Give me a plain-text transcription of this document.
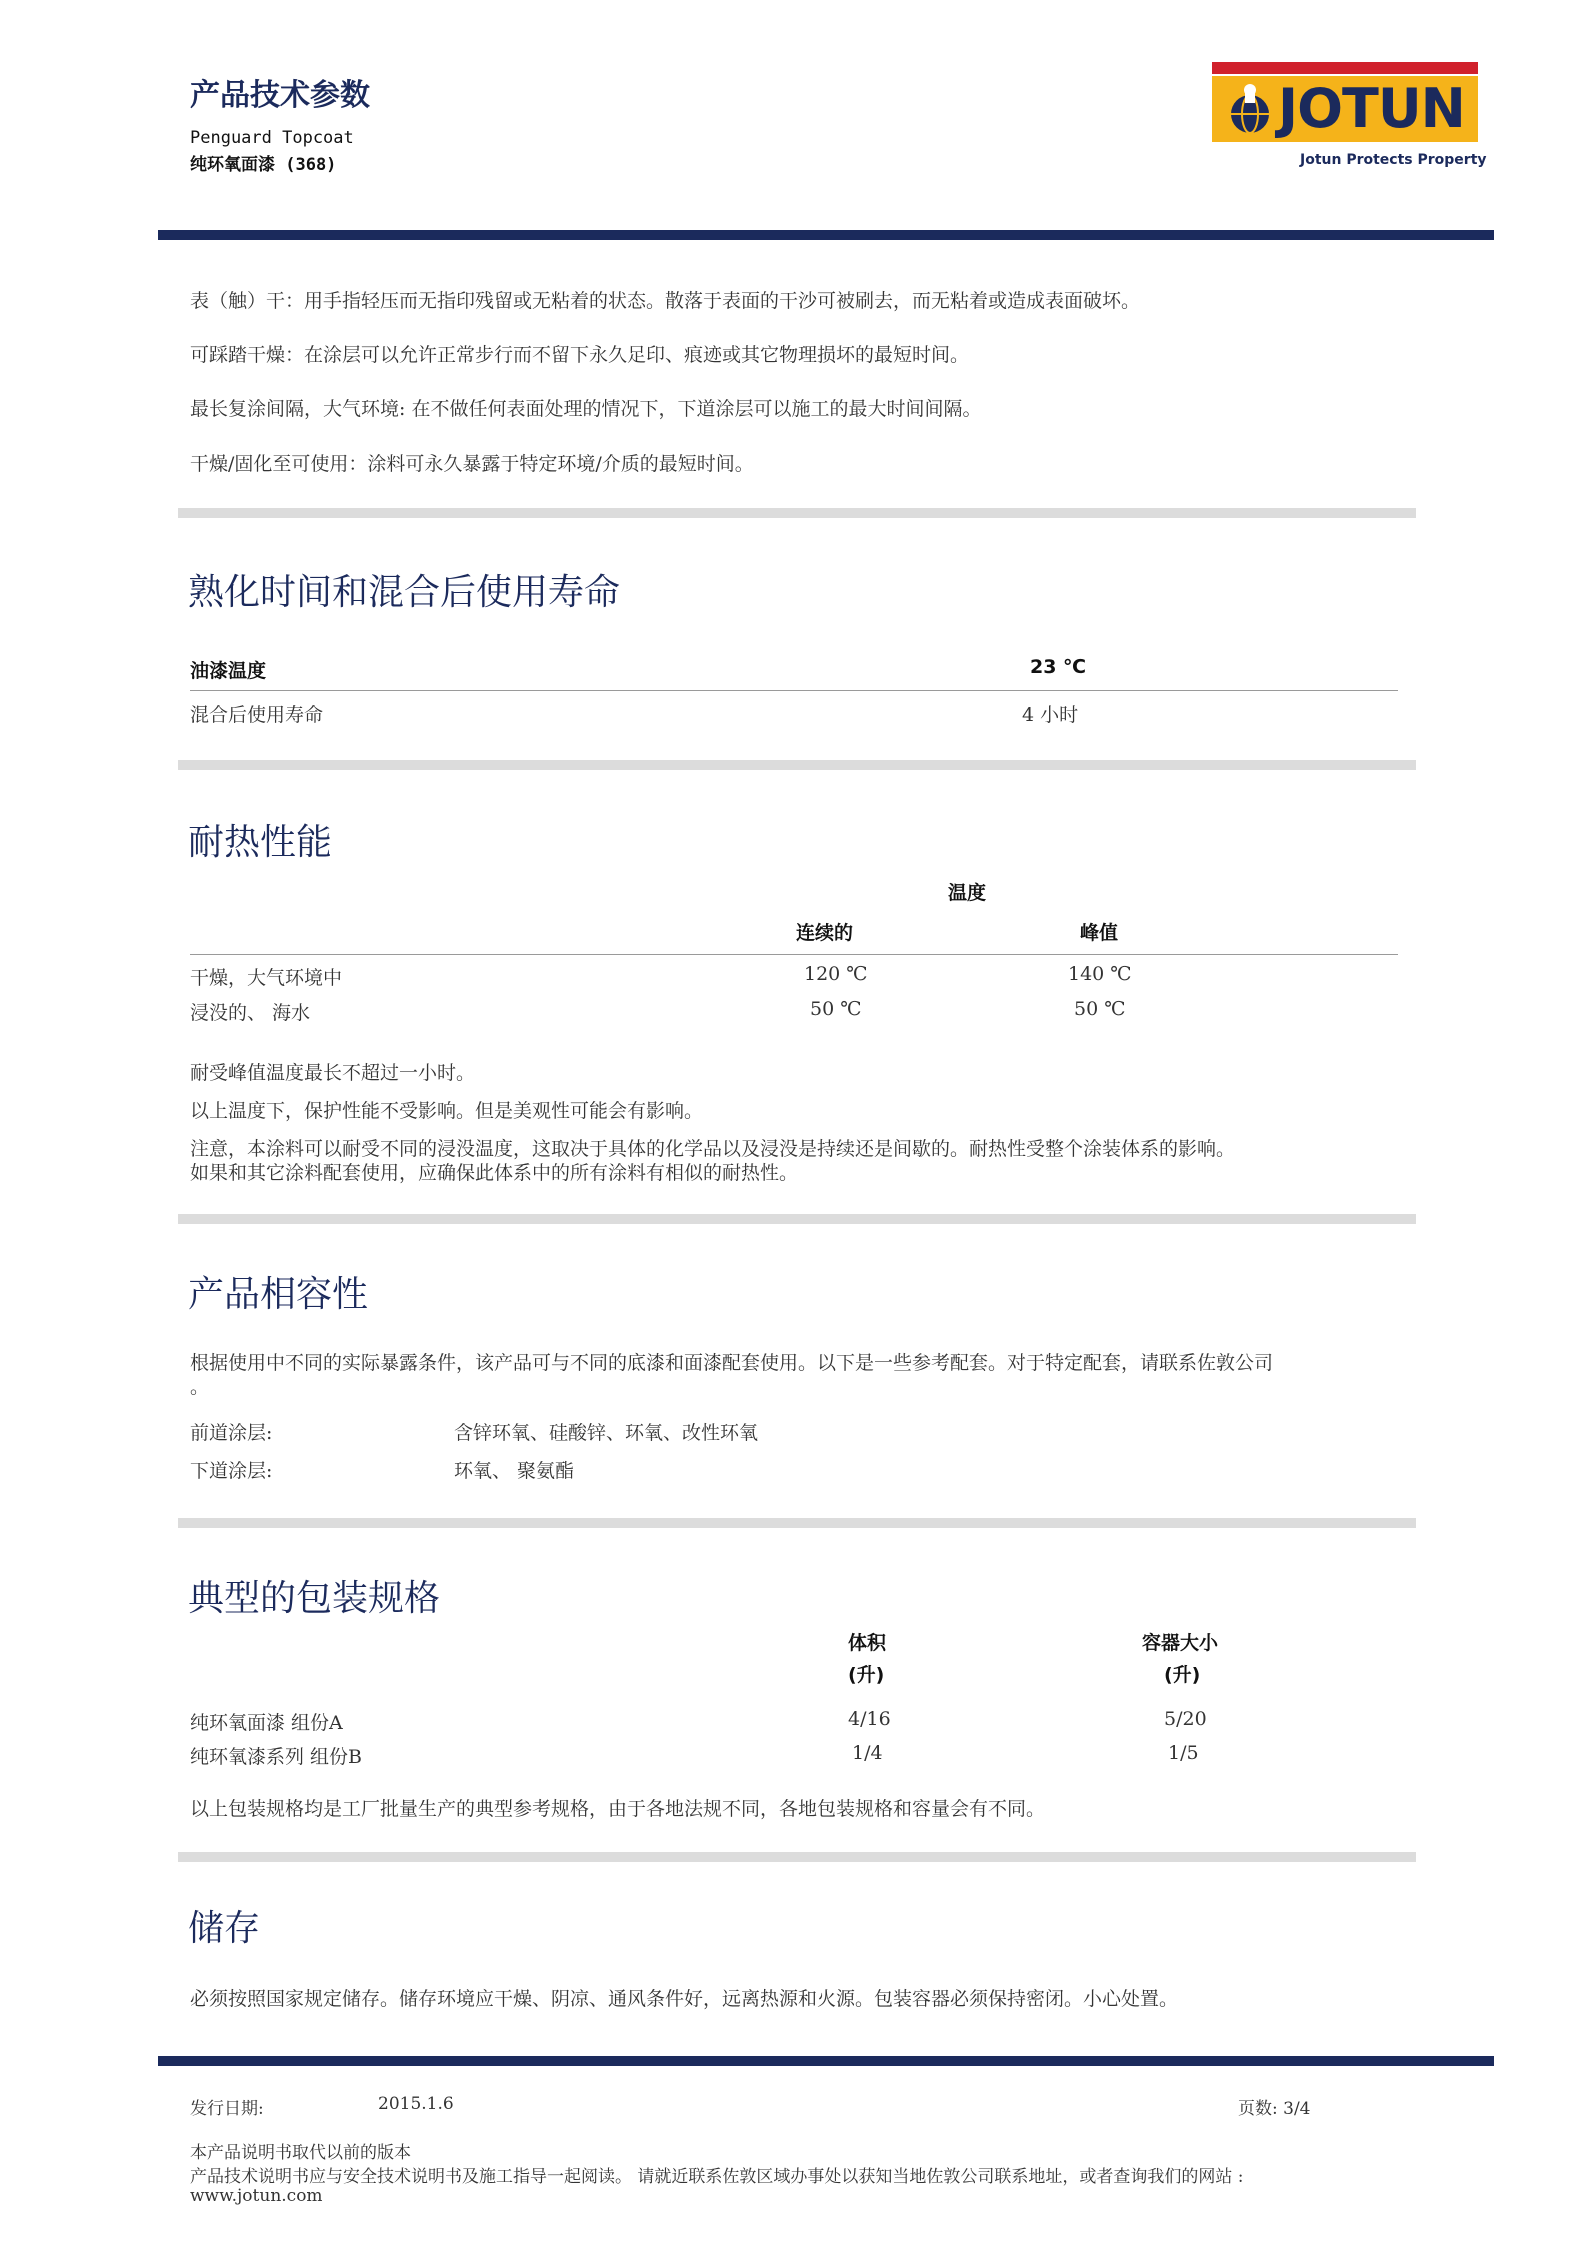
产品技术参数
Penguard Topcoat
纯环氧面漆 (368)
JOTUN
Jotun Protects Property
表（触）干：用手指轻压而无指印残留或无粘着的状态。散落于表面的干沙可被刷去，而无粘着或造成表面破坏。
可踩踏干燥：在涂层可以允许正常步行而不留下永久足印、痕迹或其它物理损坏的最短时间。
最长复涂间隔，大气环境: 在不做任何表面处理的情况下，下道涂层可以施工的最大时间间隔。
干燥/固化至可使用：涂料可永久暴露于特定环境/介质的最短时间。
熟化时间和混合后使用寿命
油漆温度	23 ℃
混合后使用寿命	4 小时
耐热性能
温度
连续的	峰值
干燥，大气环境中	120 ℃	140 ℃
浸没的、 海水	50 ℃	50 ℃
耐受峰值温度最长不超过一小时。
以上温度下，保护性能不受影响。但是美观性可能会有影响。
注意，本涂料可以耐受不同的浸没温度，这取决于具体的化学品以及浸没是持续还是间歇的。耐热性受整个涂装体系的影响。
如果和其它涂料配套使用，应确保此体系中的所有涂料有相似的耐热性。
产品相容性
根据使用中不同的实际暴露条件，该产品可与不同的底漆和面漆配套使用。以下是一些参考配套。对于特定配套，请联系佐敦公司
。
前道涂层:	含锌环氧、硅酸锌、环氧、改性环氧
下道涂层:	环氧、 聚氨酯
典型的包装规格
体积
(升)
容器大小
(升)
纯环氧面漆 组份A	4/16	5/20
纯环氧漆系列 组份B	1/4	1/5
以上包装规格均是工厂批量生产的典型参考规格，由于各地法规不同，各地包装规格和容量会有不同。
储存
必须按照国家规定储存。储存环境应干燥、阴凉、通风条件好，远离热源和火源。包装容器必须保持密闭。小心处置。
发行日期:	2015.1.6	页数: 3/4
本产品说明书取代以前的版本
产品技术说明书应与安全技术说明书及施工指导一起阅读。 请就近联系佐敦区域办事处以获知当地佐敦公司联系地址，或者查询我们的网站 :
www.jotun.com
